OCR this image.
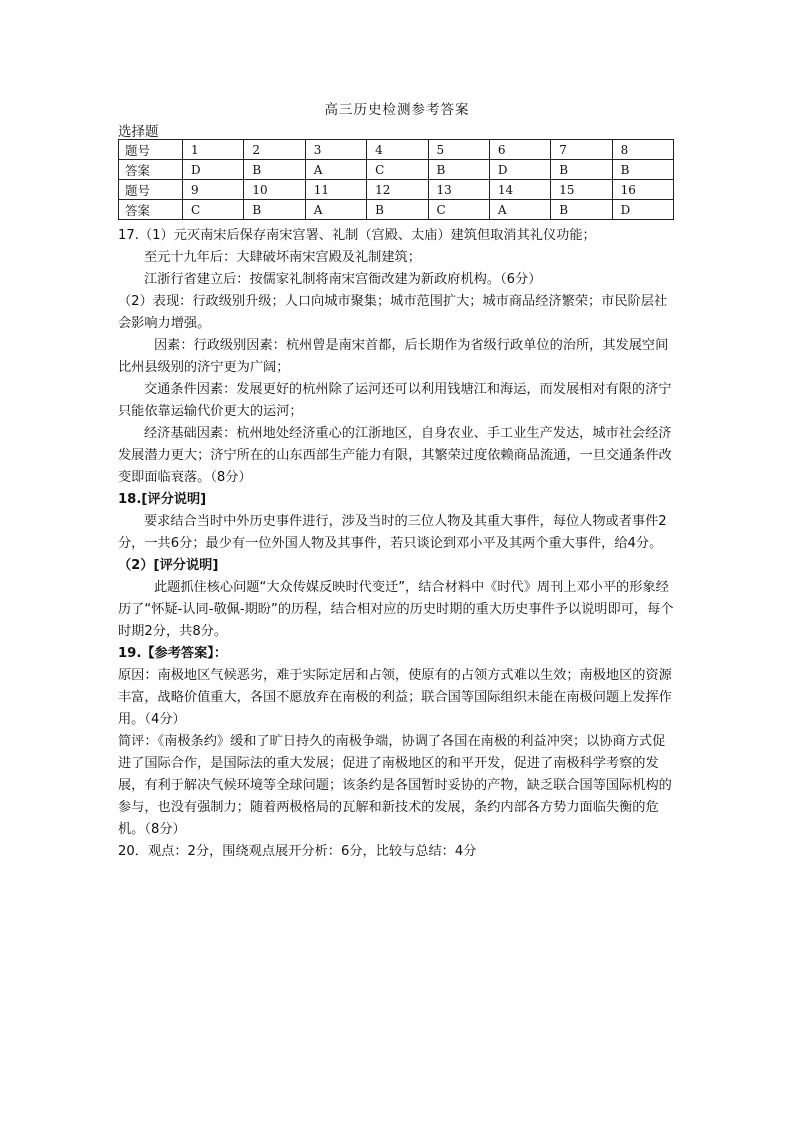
高三历史检测参考答案
选择题
题号	1	2	3	4	5	6	7	8
答案	D	B	A	C	B	D	B	B
题号	9	10	11	12	13	14	15	16
答案	C	B	A	B	C	A	B	D

17.（1）元灭南宋后保存南宋宫署、礼制（宫殿、太庙）建筑但取消其礼仪功能；

至元十九年后：大肆破坏南宋宫殿及礼制建筑；

江浙行省建立后：按儒家礼制将南宋宫衙改建为新政府机构。（6分）

（2）表现：行政级别升级；人口向城市聚集；城市范围扩大；城市商品经济繁荣；市民阶层社会影响力增强。

因素：行政级别因素：杭州曾是南宋首都，后长期作为省级行政单位的治所，其发展空间比州县级别的济宁更为广阔；

交通条件因素：发展更好的杭州除了运河还可以利用钱塘江和海运，而发展相对有限的济宁只能依靠运输代价更大的运河；

经济基础因素：杭州地处经济重心的江浙地区，自身农业、手工业生产发达，城市社会经济发展潜力更大；济宁所在的山东西部生产能力有限，其繁荣过度依赖商品流通，一旦交通条件改变即面临衰落。（8分）

18.[评分说明]

要求结合当时中外历史事件进行，涉及当时的三位人物及其重大事件，每位人物或者事件2分，一共6分；最少有一位外国人物及其事件，若只谈论到邓小平及其两个重大事件，给4分。

（2）[评分说明]

此题抓住核心问题“大众传媒反映时代变迁”，结合材料中《时代》周刊上邓小平的形象经历了“怀疑-认同-敬佩-期盼”的历程，结合相对应的历史时期的重大历史事件予以说明即可，每个时期2分，共8分。

19.【参考答案】：

原因：南极地区气候恶劣，难于实际定居和占领，使原有的占领方式难以生效；南极地区的资源丰富，战略价值重大，各国不愿放弃在南极的利益；联合国等国际组织未能在南极问题上发挥作用。（4分）

简评：《南极条约》缓和了旷日持久的南极争端，协调了各国在南极的利益冲突；以协商方式促进了国际合作，是国际法的重大发展；促进了南极地区的和平开发，促进了南极科学考察的发展，有利于解决气候环境等全球问题；该条约是各国暂时妥协的产物，缺乏联合国等国际机构的参与，也没有强制力；随着两极格局的瓦解和新技术的发展，条约内部各方势力面临失衡的危机。（8分）

20．观点：2分，围绕观点展开分析：6分，比较与总结：4分
